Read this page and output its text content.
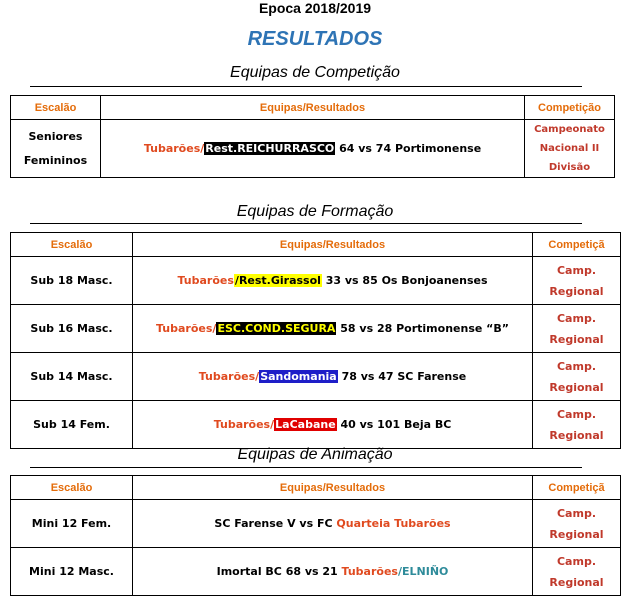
Epoca 2018/2019
RESULTADOS
Equipas de Competição
Escalão	Equipas/Resultados	Competição
Seniores
Femininos	Tubarões/Rest.REICHURRASCO 64 vs 74 Portimonense	Campeonato
Nacional II
Divisão
Equipas de Formação
Escalão	Equipas/Resultados	Competiçã

Sub 18 Masc.	Tubarões/Rest.Girassol 33 vs 85 Os Bonjoanenses	Camp.
Regional
Sub 16 Masc.	Tubarões/ESC.COND.SEGURA 58 vs 28 Portimonense “B”	Camp.
Regional
Sub 14 Masc.	Tubarões/Sandomania 78 vs 47 SC Farense	Camp.
Regional
Sub 14 Fem.	Tubarões/LaCabane 40 vs 101 Beja BC	Camp.
Regional
Equipas de Animação
Escalão	Equipas/Resultados	Competiçã

Mini 12 Fem.	SC Farense V vs FC Quarteia Tubarões	Camp.
Regional
Mini 12 Masc.	Imortal BC 68 vs 21 Tubarões/ELNIÑO	Camp.
Regional
